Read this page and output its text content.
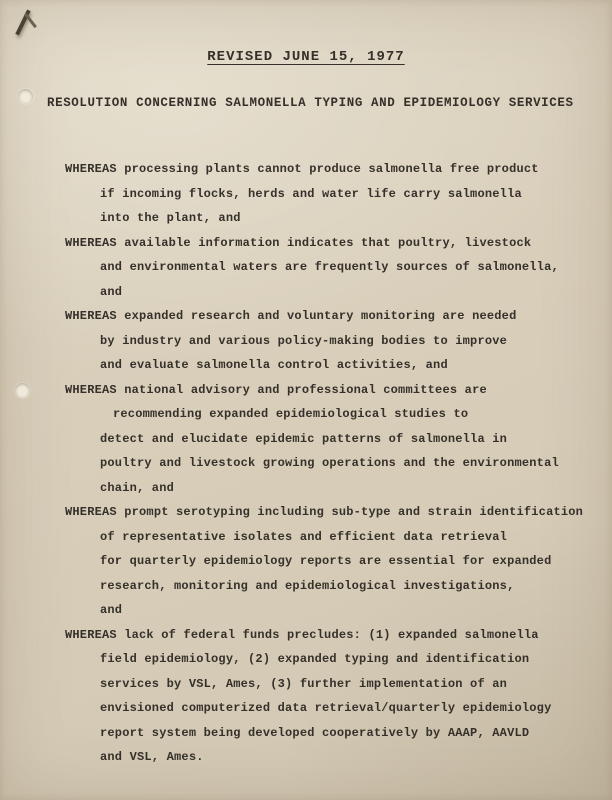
REVISED JUNE 15, 1977
RESOLUTION CONCERNING SALMONELLA TYPING AND EPIDEMIOLOGY SERVICES
WHEREAS processing plants cannot produce salmonella free product
if incoming flocks, herds and water life carry salmonella
into the plant, and
WHEREAS available information indicates that poultry, livestock
and environmental waters are frequently sources of salmonella,
and
WHEREAS expanded research and voluntary monitoring are needed
by industry and various policy-making bodies to improve
and evaluate salmonella control activities, and
WHEREAS national advisory and professional committees are
recommending expanded epidemiological studies to
detect and elucidate epidemic patterns of salmonella in
poultry and livestock growing operations and the environmental
chain, and
WHEREAS prompt serotyping including sub-type and strain identification
of representative isolates and efficient data retrieval
for quarterly epidemiology reports are essential for expanded
research, monitoring and epidemiological investigations,
and
WHEREAS lack of federal funds precludes: (1) expanded salmonella
field epidemiology, (2) expanded typing and identification
services by VSL, Ames, (3) further implementation of an
envisioned computerized data retrieval/quarterly epidemiology
report system being developed cooperatively by AAAP, AAVLD
and VSL, Ames.
